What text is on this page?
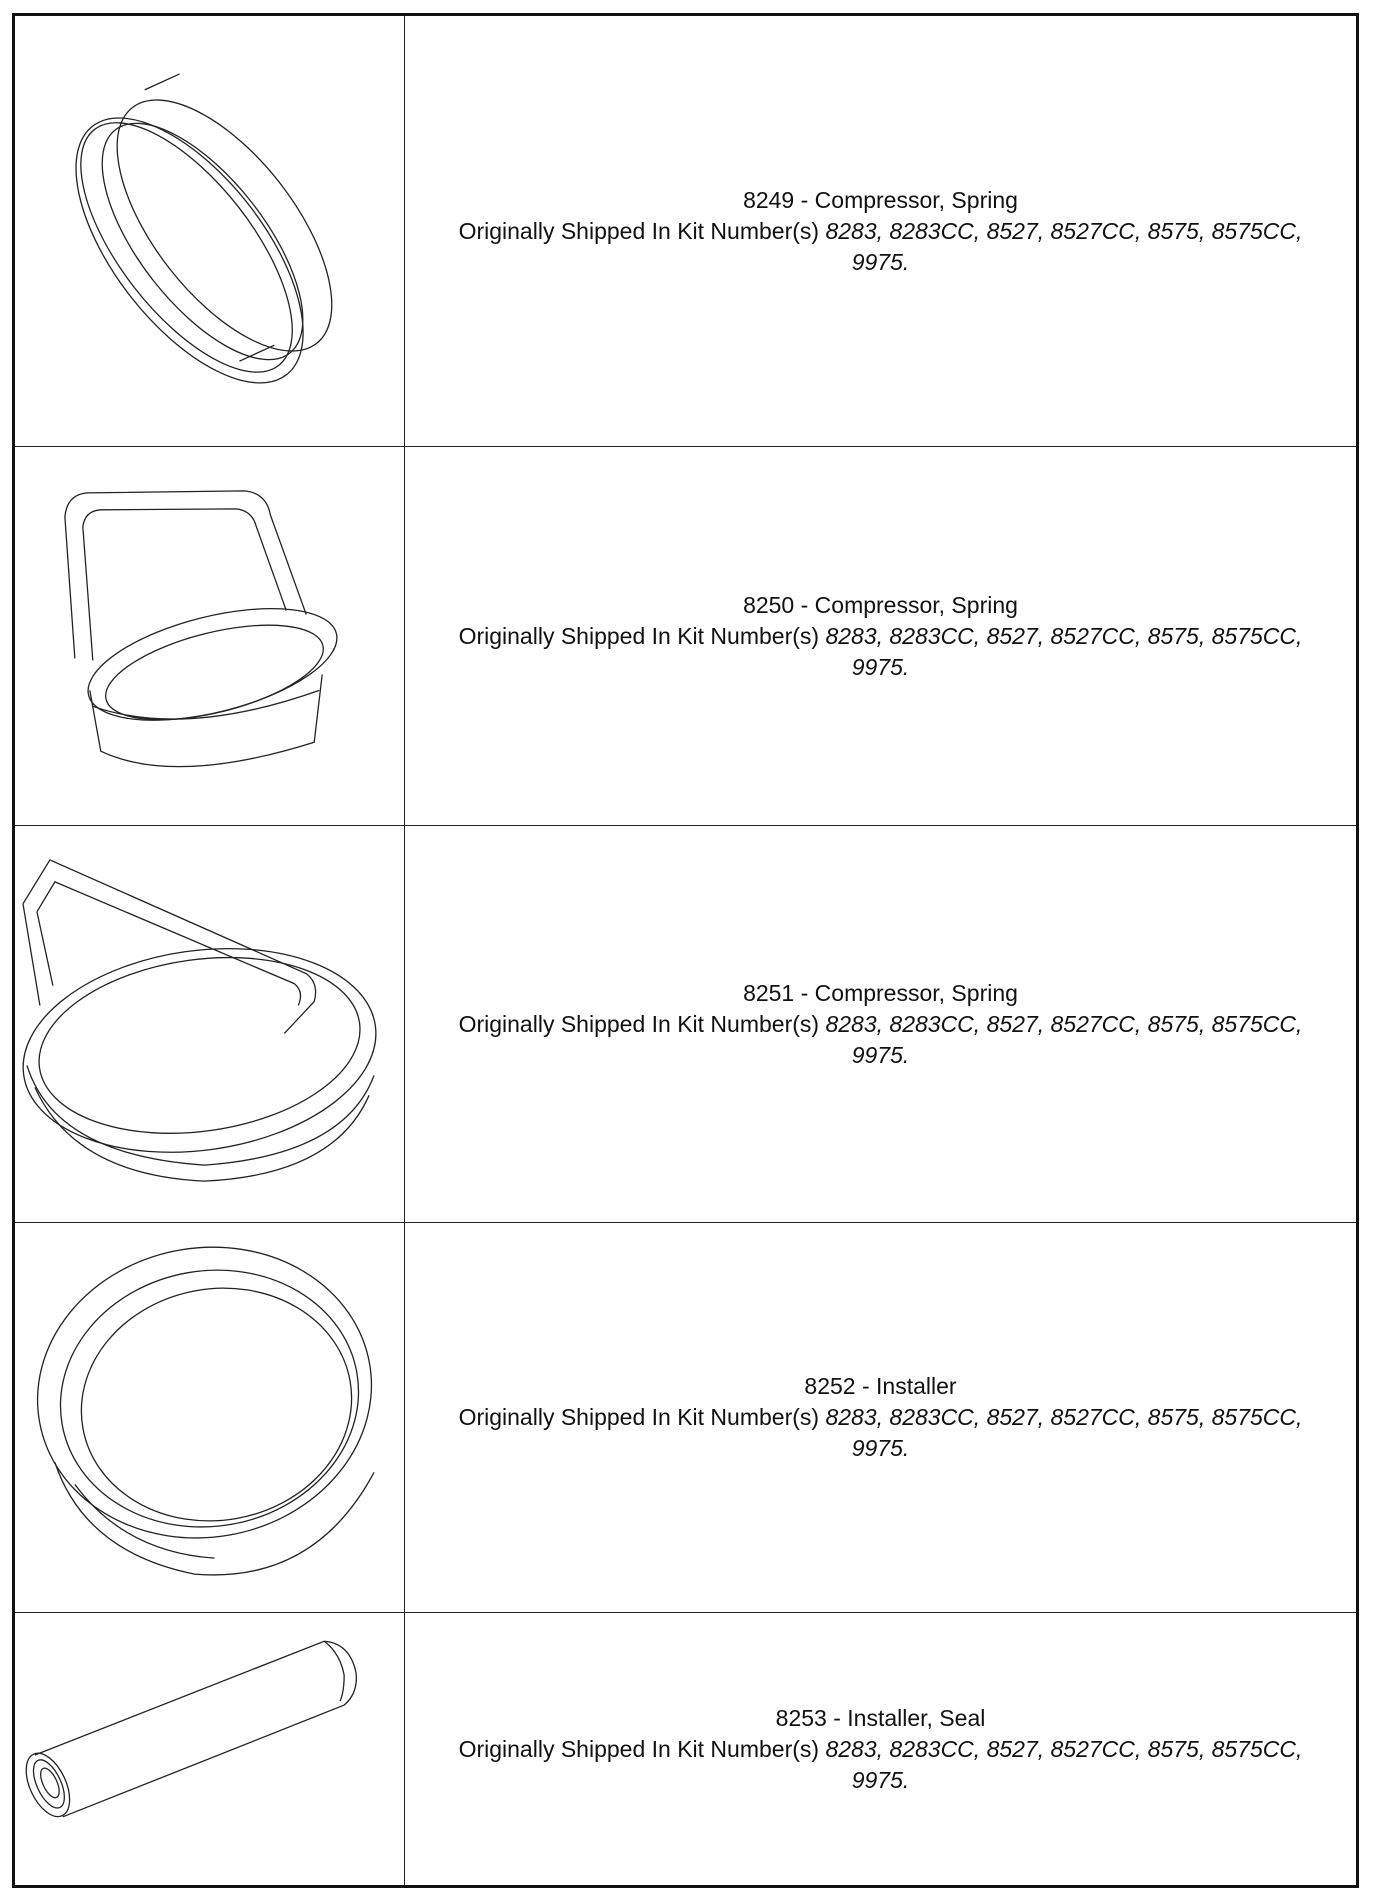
8249 - Compressor, Spring
Originally Shipped In Kit Number(s) 8283, 8283CC, 8527, 8527CC, 8575, 8575CC, 9975.
8250 - Compressor, Spring
Originally Shipped In Kit Number(s) 8283, 8283CC, 8527, 8527CC, 8575, 8575CC, 9975.
8251 - Compressor, Spring
Originally Shipped In Kit Number(s) 8283, 8283CC, 8527, 8527CC, 8575, 8575CC, 9975.
8252 - Installer
Originally Shipped In Kit Number(s) 8283, 8283CC, 8527, 8527CC, 8575, 8575CC, 9975.
8253 - Installer, Seal
Originally Shipped In Kit Number(s) 8283, 8283CC, 8527, 8527CC, 8575, 8575CC, 9975.
